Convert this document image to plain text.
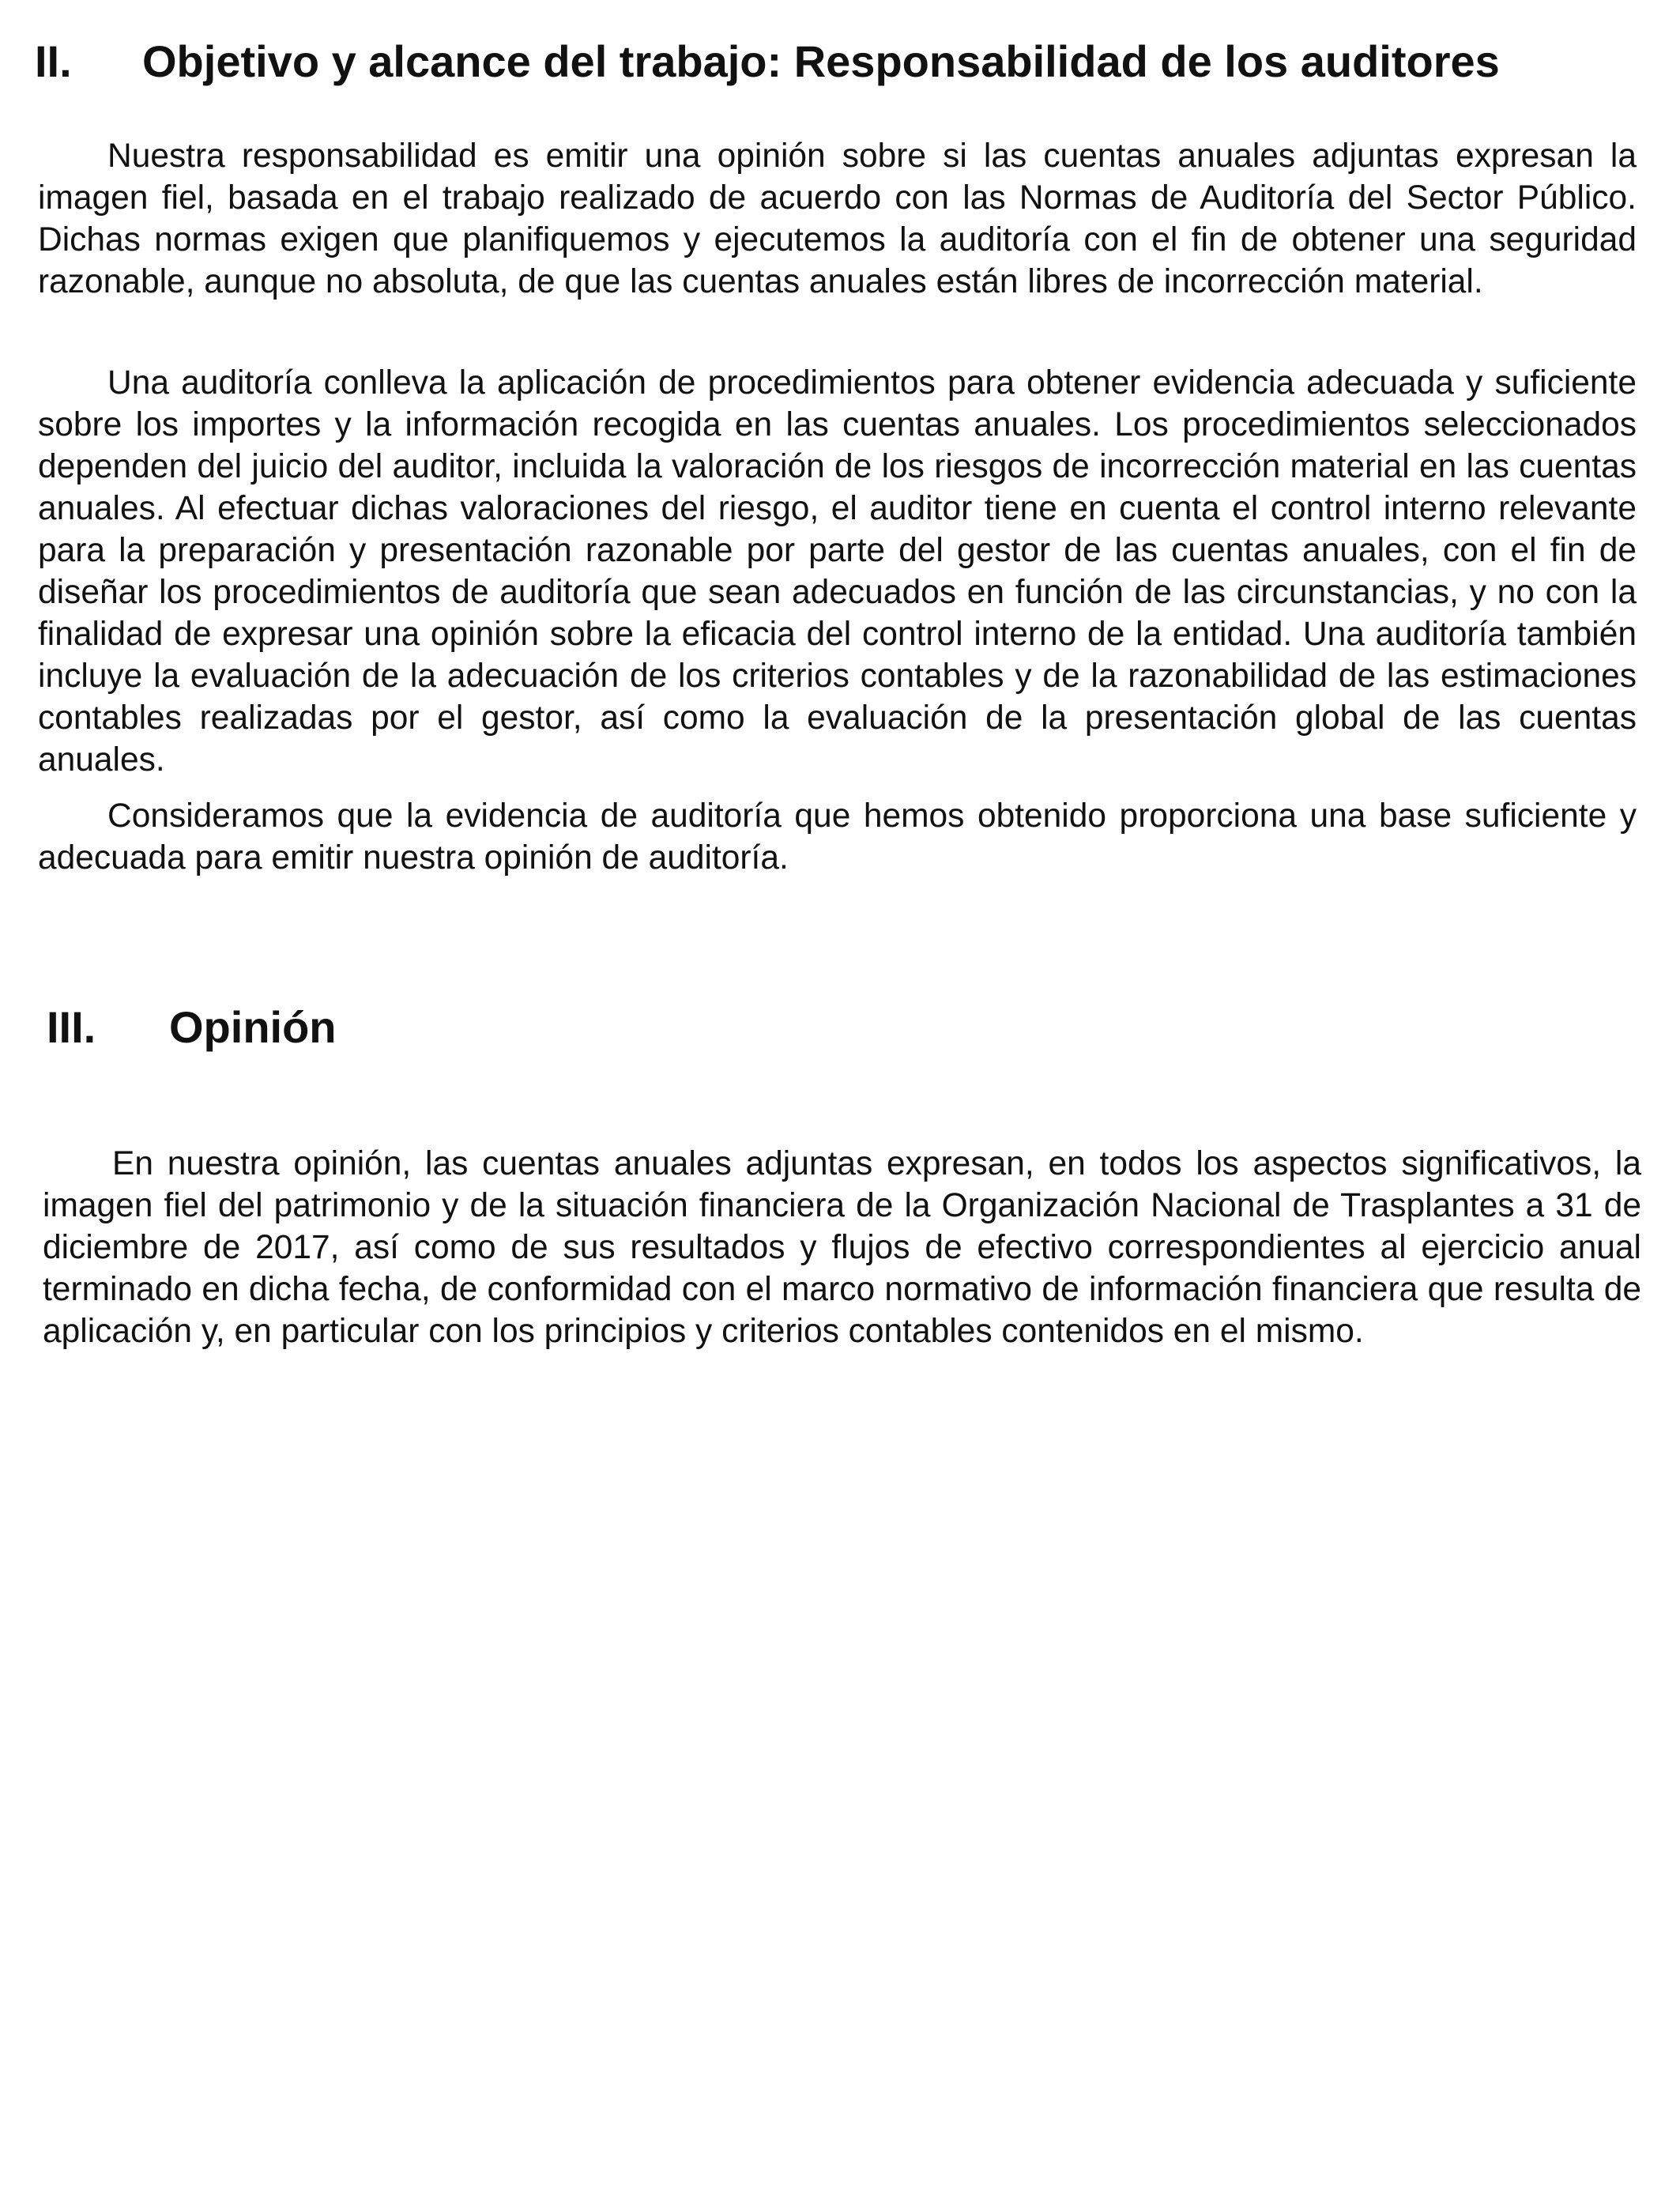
II.	Objetivo y alcance del trabajo: Responsabilidad de los auditores

Nuestra responsabilidad es emitir una opinión sobre si las cuentas anuales adjuntas expresan la imagen fiel, basada en el trabajo realizado de acuerdo con las Normas de Auditoría del Sector Público. Dichas normas exigen que planifiquemos y ejecutemos la auditoría con el fin de obtener una seguridad razonable, aunque no absoluta, de que las cuentas anuales están libres de incorrección material.

Una auditoría conlleva la aplicación de procedimientos para obtener evidencia adecuada y suficiente sobre los importes y la información recogida en las cuentas anuales. Los procedimientos seleccionados dependen del juicio del auditor, incluida la valoración de los riesgos de incorrección material en las cuentas anuales. Al efectuar dichas valoraciones del riesgo, el auditor tiene en cuenta el control interno relevante para la preparación y presentación razonable por parte del gestor de las cuentas anuales, con el fin de diseñar los procedimientos de auditoría que sean adecuados en función de las circunstancias, y no con la finalidad de expresar una opinión sobre la eficacia del control interno de la entidad. Una auditoría también incluye la evaluación de la adecuación de los criterios contables y de la razonabilidad de las estimaciones contables realizadas por el gestor, así como la evaluación de la presentación global de las cuentas anuales.

Consideramos que la evidencia de auditoría que hemos obtenido proporciona una base suficiente y adecuada para emitir nuestra opinión de auditoría.

III.	Opinión

En nuestra opinión, las cuentas anuales adjuntas expresan, en todos los aspectos significativos, la imagen fiel del patrimonio y de la situación financiera de la Organización Nacional de Trasplantes a 31 de diciembre de 2017, así como de sus resultados y flujos de efectivo correspondientes al ejercicio anual terminado en dicha fecha, de conformidad con el marco normativo de información financiera que resulta de aplicación y, en particular con los principios y criterios contables contenidos en el mismo.
